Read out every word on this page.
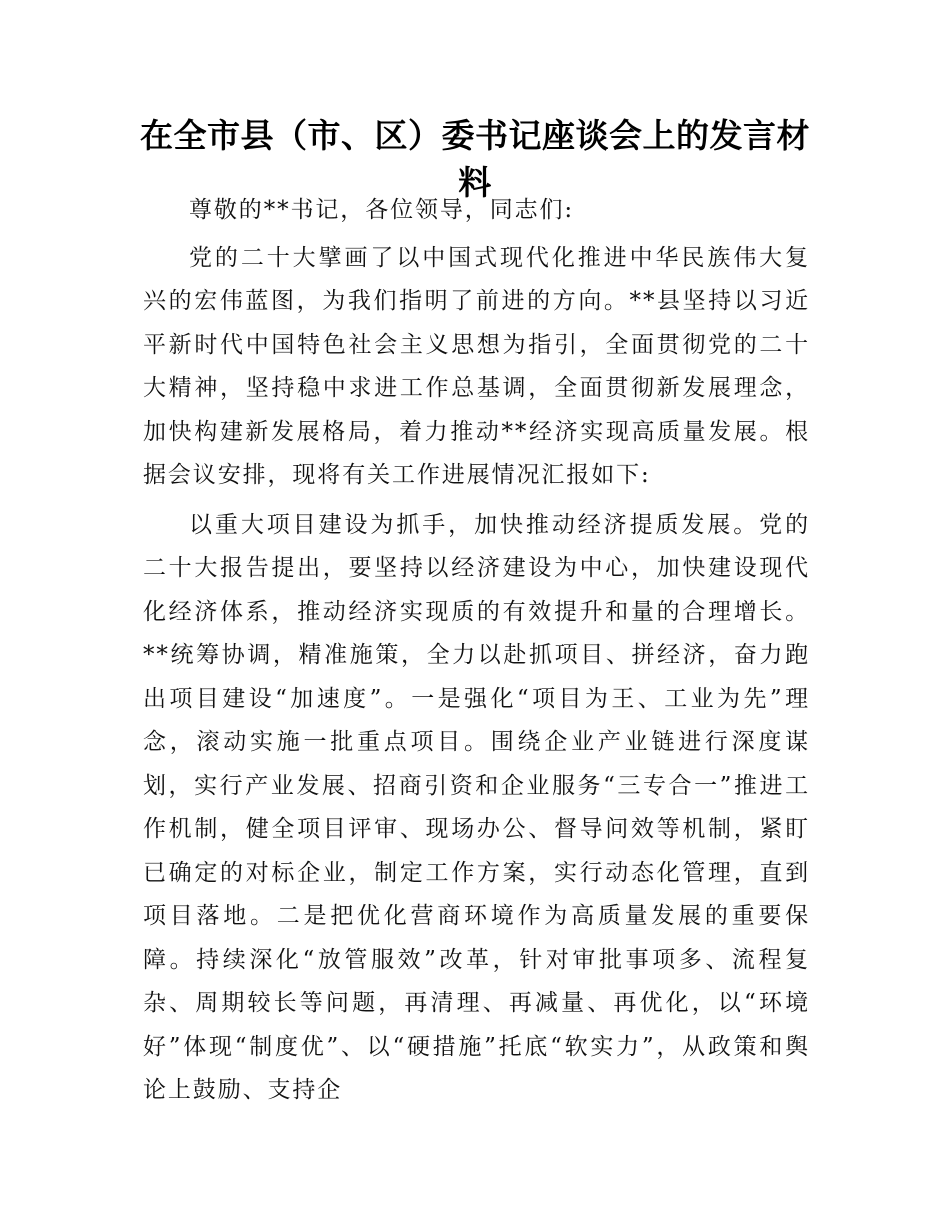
在全市县（市、区）委书记座谈会上的发言材料

尊敬的**书记，各位领导，同志们:

党的二十大擘画了以中国式现代化推进中华民族伟大复兴的宏伟蓝图，为我们指明了前进的方向。**县坚持以习近平新时代中国特色社会主义思想为指引，全面贯彻党的二十大精神，坚持稳中求进工作总基调，全面贯彻新发展理念，加快构建新发展格局，着力推动**经济实现高质量发展。根据会议安排，现将有关工作进展情况汇报如下:

以重大项目建设为抓手，加快推动经济提质发展。党的二十大报告提出，要坚持以经济建设为中心，加快建设现代化经济体系，推动经济实现质的有效提升和量的合理增长。**统筹协调，精准施策，全力以赴抓项目、拼经济，奋力跑出项目建设“加速度”。一是强化“项目为王、工业为先”理念，滚动实施一批重点项目。围绕企业产业链进行深度谋划，实行产业发展、招商引资和企业服务“三专合一”推进工作机制，健全项目评审、现场办公、督导问效等机制，紧盯已确定的对标企业，制定工作方案，实行动态化管理，直到项目落地。二是把优化营商环境作为高质量发展的重要保障。持续深化“放管服效”改革，针对审批事项多、流程复杂、周期较长等问题，再清理、再减量、再优化，以“环境好”体现“制度优”、以“硬措施”托底“软实力”，从政策和舆论上鼓励、支持企
